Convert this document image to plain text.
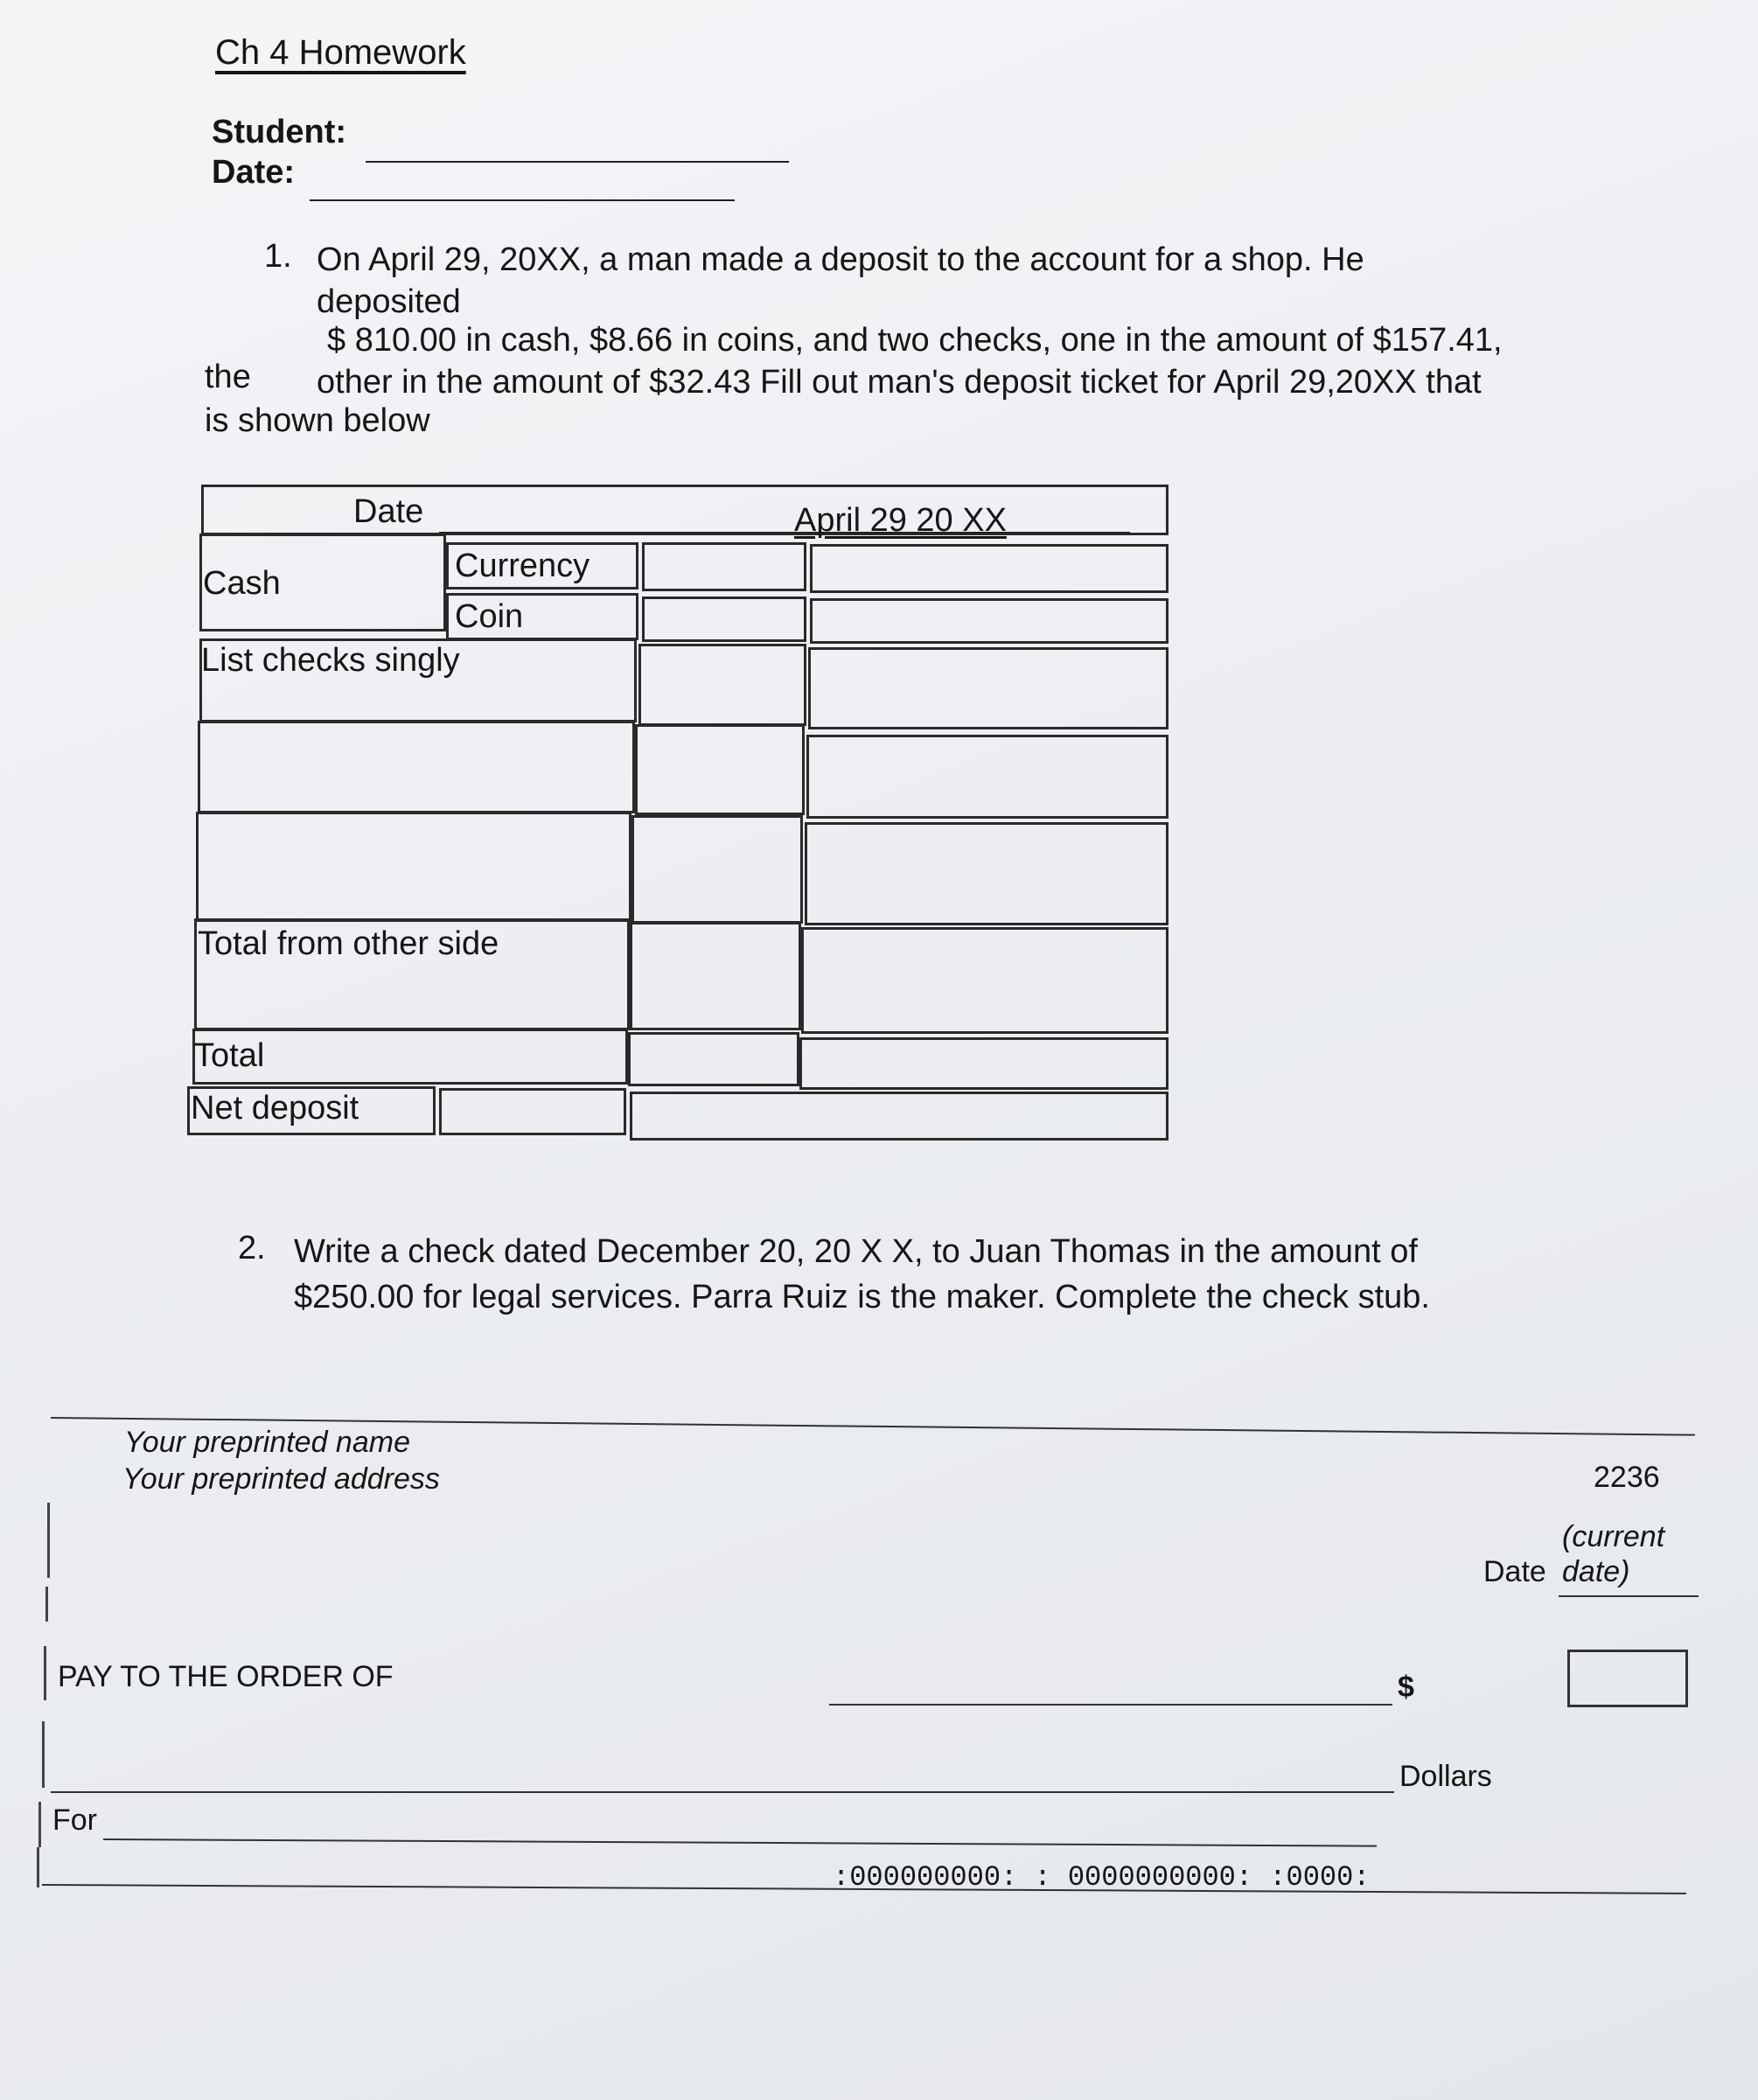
Ch 4 Homework
Student:
Date:
1. On April 29, 20XX, a man made a deposit to the account for a shop. He
deposited
$ 810.00 in cash, $8.66 in coins, and two checks, one in the amount of $157.41,
the other in the amount of $32.43 Fill out man's deposit ticket for April 29,20XX that
is shown below
Date	April 29 20 XX
Cash	Currency
Coin
List checks singly
Total from other side
Total
Net deposit
2. Write a check dated December 20, 20 X X, to Juan Thomas in the amount of
$250.00 for legal services. Parra Ruiz is the maker. Complete the check stub.
Your preprinted name
Your preprinted address	2236
(current
Date date)
PAY TO THE ORDER OF	$
Dollars
For
:000000000: : 0000000000: :0000:
